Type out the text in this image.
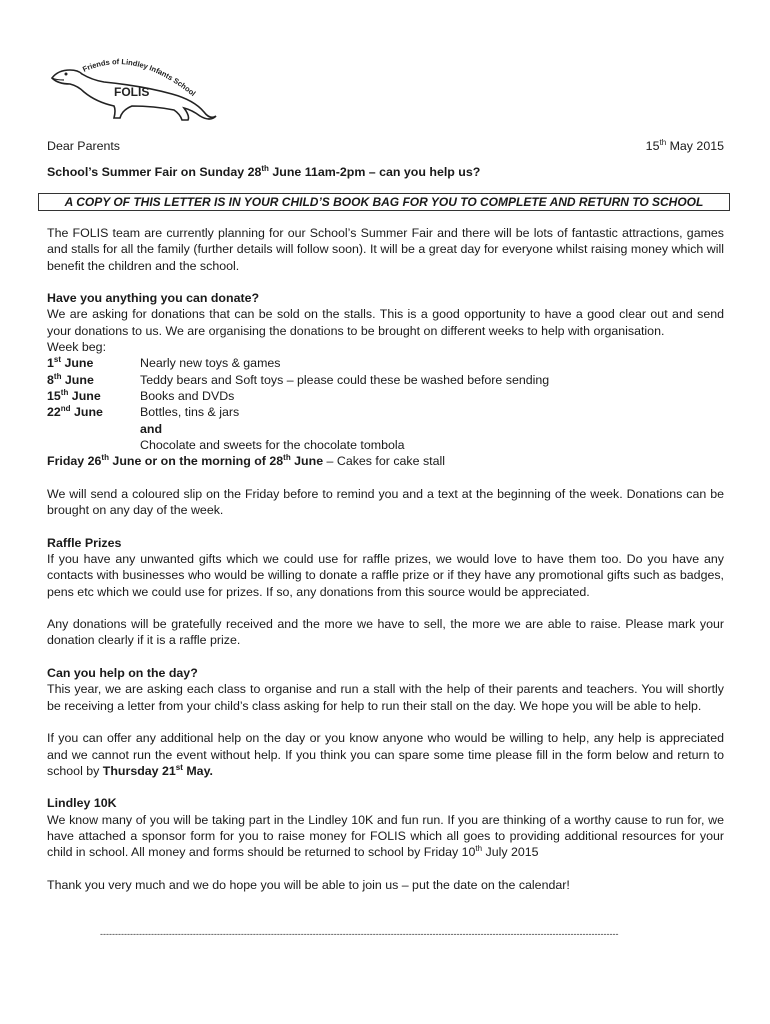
Friends of Lindley Infants School
FOLIS
Dear Parents	15th May 2015
School’s Summer Fair on Sunday 28th June 11am-2pm – can you help us?
A COPY OF THIS LETTER IS IN YOUR CHILD’S BOOK BAG FOR YOU TO COMPLETE AND RETURN TO SCHOOL

The FOLIS team are currently planning for our School’s Summer Fair and there will be lots of fantastic attractions, games and stalls for all the family (further details will follow soon). It will be a great day for everyone whilst raising money which will benefit the children and the school.

Have you anything you can donate?

We are asking for donations that can be sold on the stalls. This is a good opportunity to have a good clear out and send your donations to us. We are organising the donations to be brought on different weeks to help with organisation.

Week beg:
1st June	Nearly new toys & games
8th June	Teddy bears and Soft toys – please could these be washed before sending
15th June	Books and DVDs
22nd June	Bottles, tins & jars
	and
	Chocolate and sweets for the chocolate tombola

Friday 26th June or on the morning of 28th June – Cakes for cake stall

We will send a coloured slip on the Friday before to remind you and a text at the beginning of the week. Donations can be brought on any day of the week.

Raffle Prizes

If you have any unwanted gifts which we could use for raffle prizes, we would love to have them too. Do you have any contacts with businesses who would be willing to donate a raffle prize or if they have any promotional gifts such as badges, pens etc which we could use for prizes. If so, any donations from this source would be appreciated.

Any donations will be gratefully received and the more we have to sell, the more we are able to raise. Please mark your donation clearly if it is a raffle prize.

Can you help on the day?

This year, we are asking each class to organise and run a stall with the help of their parents and teachers. You will shortly be receiving a letter from your child’s class asking for help to run their stall on the day. We hope you will be able to help.

If you can offer any additional help on the day or you know anyone who would be willing to help, any help is appreciated and we cannot run the event without help. If you think you can spare some time please fill in the form below and return to school by Thursday 21st May.

Lindley 10K

We know many of you will be taking part in the Lindley 10K and fun run. If you are thinking of a worthy cause to run for, we have attached a sponsor form for you to raise money for FOLIS which all goes to providing additional resources for your child in school. All money and forms should be returned to school by Friday 10th July 2015

Thank you very much and we do hope you will be able to join us – put the date on the calendar!

-----------------------------------------------------------------------------------------------------------------------------------------------------------------------------
